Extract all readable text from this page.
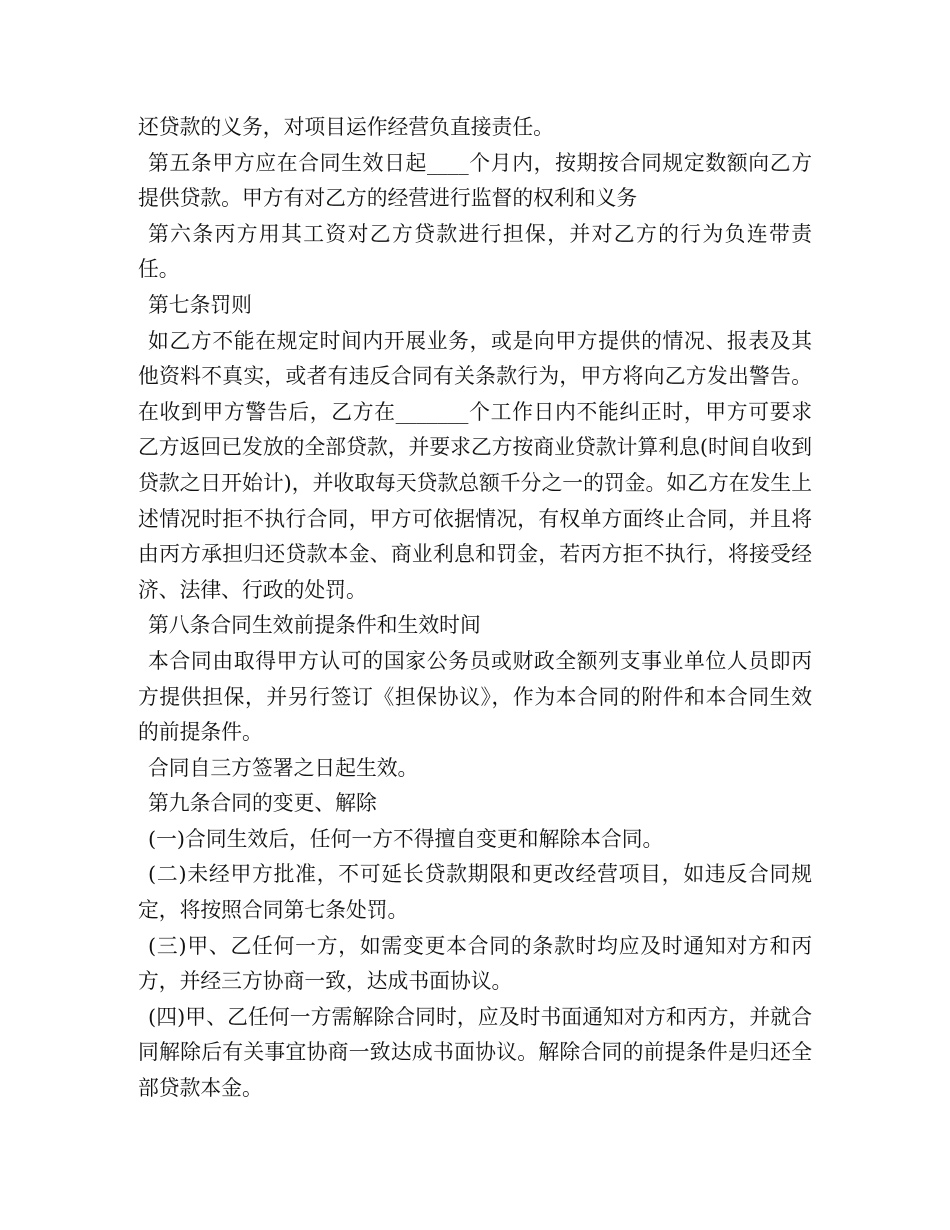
还贷款的义务，对项目运作经营负直接责任。

第五条甲方应在合同生效日起____个月内，按期按合同规定数额向乙方提供贷款。甲方有对乙方的经营进行监督的权利和义务

第六条丙方用其工资对乙方贷款进行担保，并对乙方的行为负连带责任。

第七条罚则

如乙方不能在规定时间内开展业务，或是向甲方提供的情况、报表及其他资料不真实，或者有违反合同有关条款行为，甲方将向乙方发出警告。在收到甲方警告后，乙方在_______个工作日内不能纠正时，甲方可要求乙方返回已发放的全部贷款，并要求乙方按商业贷款计算利息(时间自收到贷款之日开始计)，并收取每天贷款总额千分之一的罚金。如乙方在发生上述情况时拒不执行合同，甲方可依据情况，有权单方面终止合同，并且将由丙方承担归还贷款本金、商业利息和罚金，若丙方拒不执行，将接受经济、法律、行政的处罚。

第八条合同生效前提条件和生效时间

本合同由取得甲方认可的国家公务员或财政全额列支事业单位人员即丙方提供担保，并另行签订《担保协议》，作为本合同的附件和本合同生效的前提条件。

合同自三方签署之日起生效。

第九条合同的变更、解除

(一)合同生效后，任何一方不得擅自变更和解除本合同。

(二)未经甲方批准，不可延长贷款期限和更改经营项目，如违反合同规定，将按照合同第七条处罚。

(三)甲、乙任何一方，如需变更本合同的条款时均应及时通知对方和丙方，并经三方协商一致，达成书面协议。

(四)甲、乙任何一方需解除合同时，应及时书面通知对方和丙方，并就合同解除后有关事宜协商一致达成书面协议。解除合同的前提条件是归还全部贷款本金。
